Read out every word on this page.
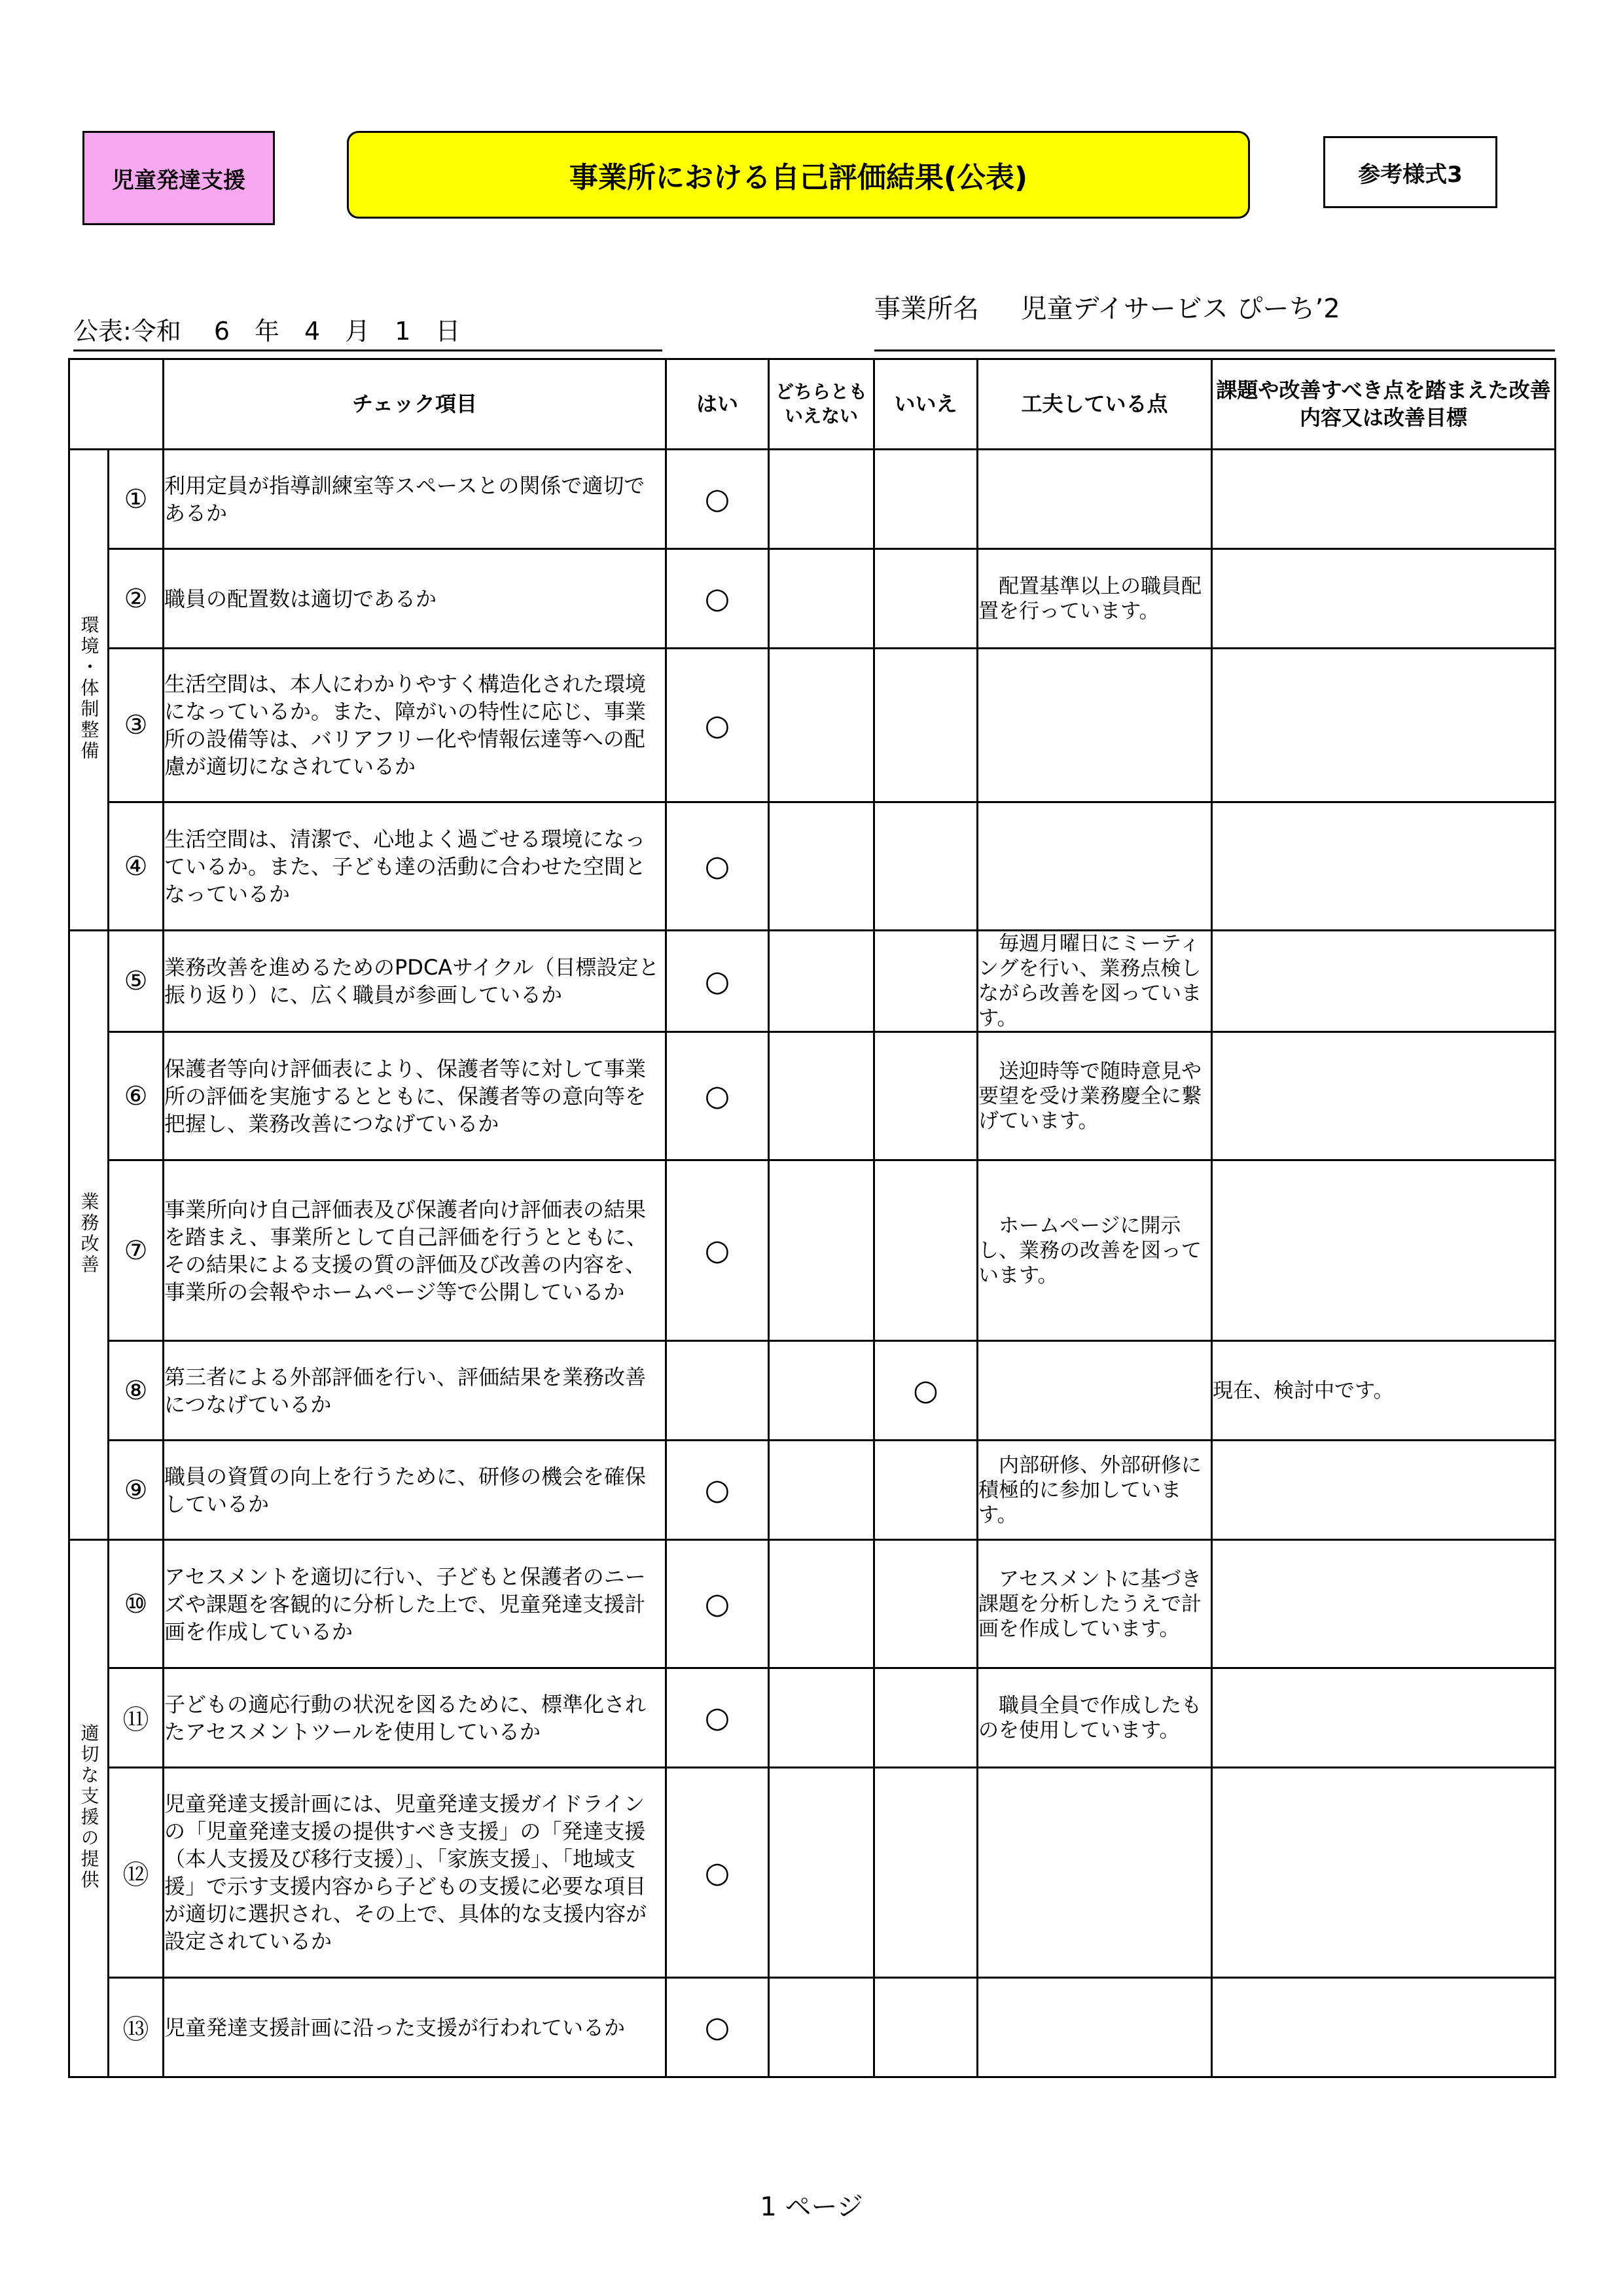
児童発達支援	事業所における自己評価結果(公表)	参考様式3
公表:令和　 6　年　4　月　1　日
事業所名 児童デイサービス ぴーち’2
		チェック項目	はい	どちらとも
いえない	いいえ	工夫している点	課題や改善すべき点を踏まえた改善内容又は改善目標
環境・体制整備	①	利用定員が指導訓練室等スペースとの関係で適切であるか	○				
	②	職員の配置数は適切であるか	○			　配置基準以上の職員配置を行っています。	
	③	生活空間は、本人にわかりやすく構造化された環境になっているか。また、障がいの特性に応じ、事業所の設備等は、バリアフリー化や情報伝達等への配慮が適切になされているか	○				
	④	生活空間は、清潔で、心地よく過ごせる環境になっているか。また、子ども達の活動に合わせた空間となっているか	○				
業務改善	⑤	業務改善を進めるためのPDCAサイクル（目標設定と振り返り）に、広く職員が参画しているか	○			　毎週月曜日にミーティングを行い、業務点検しながら改善を図っています。	
	⑥	保護者等向け評価表により、保護者等に対して事業所の評価を実施するとともに、保護者等の意向等を把握し、業務改善につなげているか	○			　送迎時等で随時意見や要望を受け業務慶全に繋げています。	
	⑦	事業所向け自己評価表及び保護者向け評価表の結果を踏まえ、事業所として自己評価を行うとともに、その結果による支援の質の評価及び改善の内容を、事業所の会報やホームページ等で公開しているか	○			　ホームページに開示し、業務の改善を図っています。	
	⑧	第三者による外部評価を行い、評価結果を業務改善につなげているか			○		現在、検討中です。
	⑨	職員の資質の向上を行うために、研修の機会を確保しているか	○			　内部研修、外部研修に積極的に参加しています。	
適切な支援の提供	⑩	アセスメントを適切に行い、子どもと保護者のニーズや課題を客観的に分析した上で、児童発達支援計画を作成しているか	○			　アセスメントに基づき課題を分析したうえで計画を作成しています。	
	⑪	子どもの適応行動の状況を図るために、標準化されたアセスメントツールを使用しているか	○			　職員全員で作成したものを使用しています。	
	⑫	児童発達支援計画には、児童発達支援ガイドラインの「児童発達支援の提供すべき支援」の「発達支援（本人支援及び移行支援）」、「家族支援」、「地域支援」で示す支援内容から子どもの支援に必要な項目が適切に選択され、その上で、具体的な支援内容が設定されているか	○				
	⑬	児童発達支援計画に沿った支援が行われているか	○				
1 ページ
